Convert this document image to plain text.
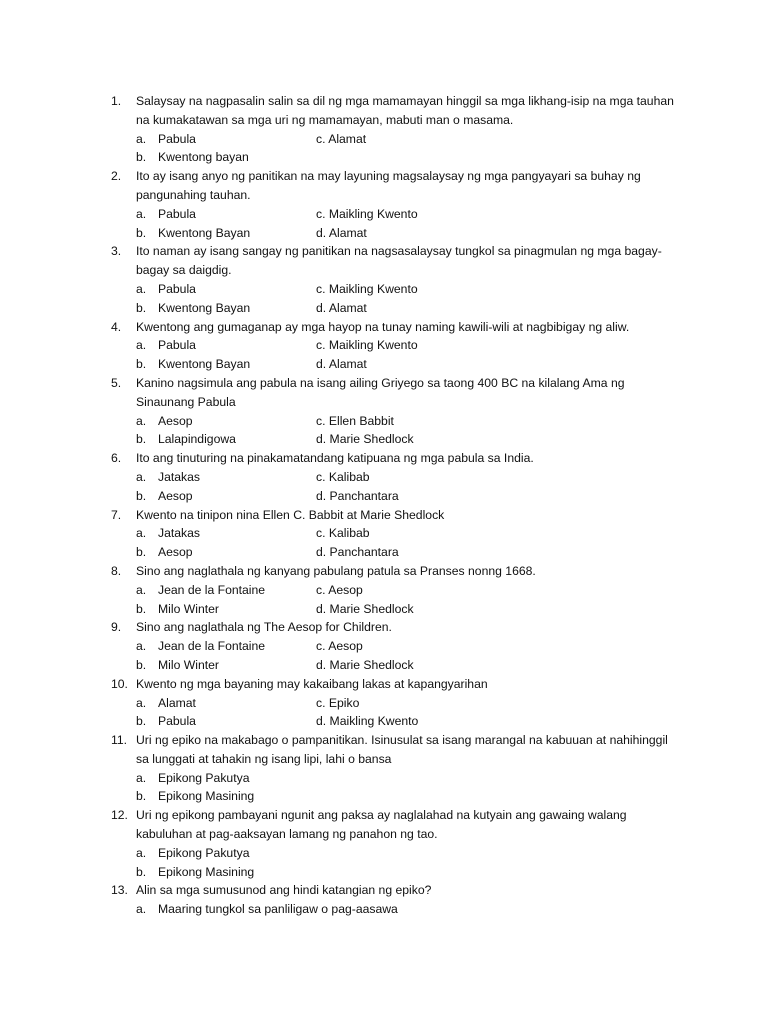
1.	Salaysay na nagpasalin salin sa dil ng mga mamamayan hinggil sa mga likhang-isip na mga tauhan na kumakatawan sa mga uri ng mamamayan, mabuti man o masama.
a. Pabula	c. Alamat
b. Kwentong bayan
2.	Ito ay isang anyo ng panitikan na may layuning magsalaysay ng mga pangyayari sa buhay ng pangunahing tauhan.
a. Pabula	c. Maikling Kwento
b. Kwentong Bayan	d. Alamat
3.	Ito naman ay isang sangay ng panitikan na nagsasalaysay tungkol sa pinagmulan ng mga bagay-bagay sa daigdig.
a. Pabula	c. Maikling Kwento
b. Kwentong Bayan	d. Alamat
4.	Kwentong ang gumaganap ay mga hayop na tunay naming kawili-wili at nagbibigay ng aliw.
a. Pabula	c. Maikling Kwento
b. Kwentong Bayan	d. Alamat
5.	Kanino nagsimula ang pabula na isang ailing Griyego sa taong 400 BC na kilalang Ama ng Sinaunang Pabula
a. Aesop	c. Ellen Babbit
b. Lalapindigowa	d. Marie Shedlock
6.	Ito ang tinuturing na pinakamatandang katipuana ng mga pabula sa India.
a. Jatakas	c. Kalibab
b. Aesop	d. Panchantara
7.	Kwento na tinipon nina Ellen C. Babbit at Marie Shedlock
a. Jatakas	c. Kalibab
b. Aesop	d. Panchantara
8.	Sino ang naglathala ng kanyang pabulang patula sa Pranses nonng 1668.
a. Jean de la Fontaine	c. Aesop
b. Milo Winter	d. Marie Shedlock
9.	Sino ang naglathala ng The Aesop for Children.
a. Jean de la Fontaine	c. Aesop
b. Milo Winter	d. Marie Shedlock
10. Kwento ng mga bayaning may kakaibang lakas at kapangyarihan
a. Alamat	c. Epiko
b. Pabula	d. Maikling Kwento
11. Uri ng epiko na makabago o pampanitikan. Isinusulat sa isang marangal na kabuuan at nahihinggil sa lunggati at tahakin ng isang lipi, lahi o bansa
a. Epikong Pakutya
b. Epikong Masining
12. Uri ng epikong pambayani ngunit ang paksa ay naglalahad na kutyain ang gawaing walang kabuluhan at pag-aaksayan lamang ng panahon ng tao.
a. Epikong Pakutya
b. Epikong Masining
13. Alin sa mga sumusunod ang hindi katangian ng epiko?
a. Maaring tungkol sa panliligaw o pag-aasawa
